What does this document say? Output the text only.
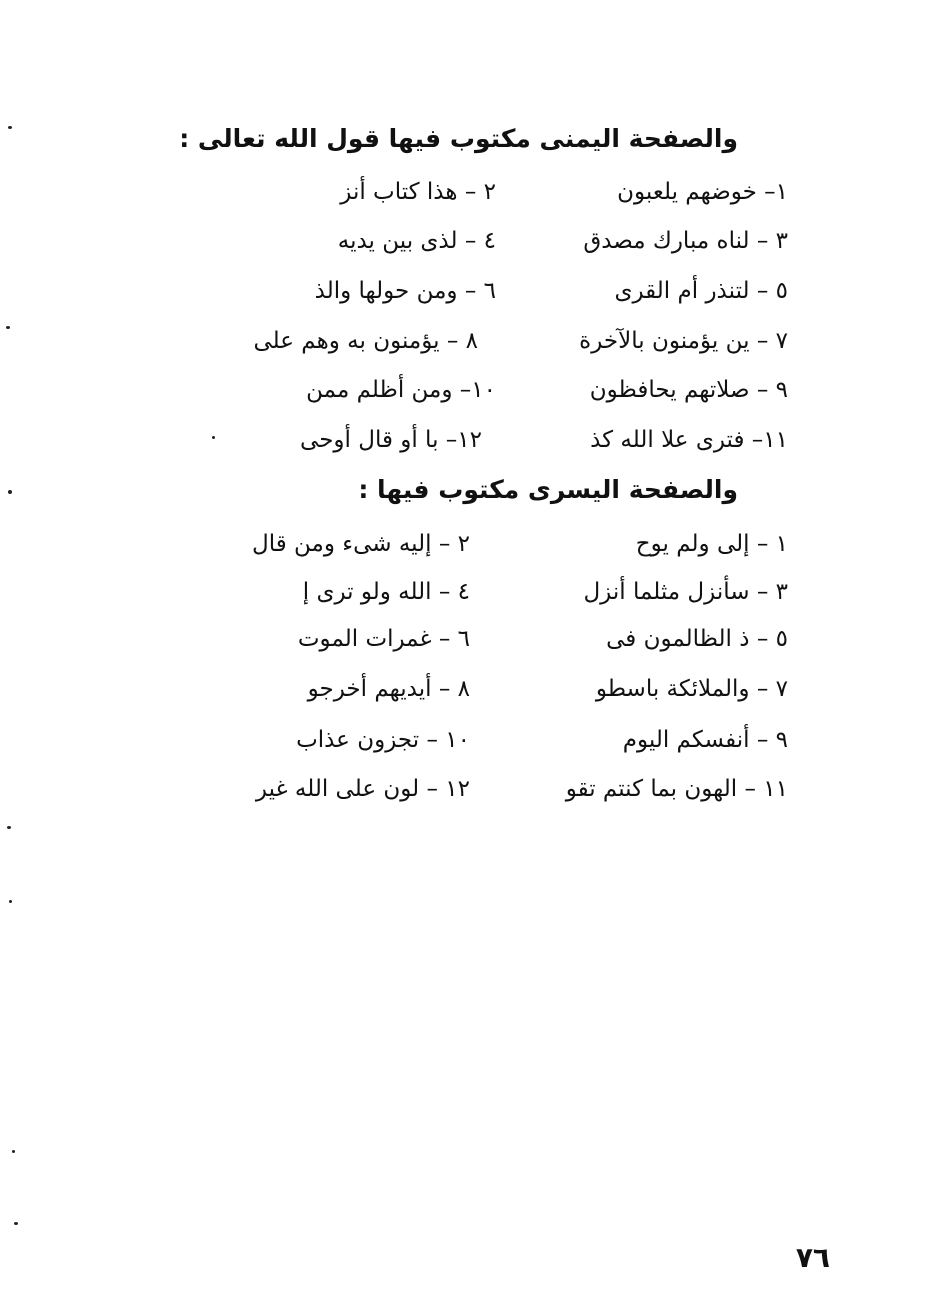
والصفحة اليمنى مكتوب فيها قول الله تعالى :
١– خوضهم يلعبون
٣ – لناه مبارك مصدق
٥ – لتنذر أم القرى
٧ – ين يؤمنون بالآخرة
٩ – صلاتهم يحافظون
١١– فترى علا الله كذ
٢ – هذا كتاب أنز
٤ – لذى بين يديه
٦ – ومن حولها والذ
٨ – يؤمنون به وهم على
١٠– ومن أظلم ممن
١٢– با أو قال أوحى
والصفحة اليسرى مكتوب فيها :
١ – إلى ولم يوح
٣ – سأنزل مثلما أنزل
٥ – ذ الظالمون فى
٧ – والملائكة باسطو
٩ – أنفسكم اليوم
١١ – الهون بما كنتم تقو
٢ – إليه شىء ومن قال
٤ – الله ولو ترى إ
٦ – غمرات الموت
٨ – أيديهم أخرجو
١٠ – تجزون عذاب
١٢ – لون على الله غير
٧٦
